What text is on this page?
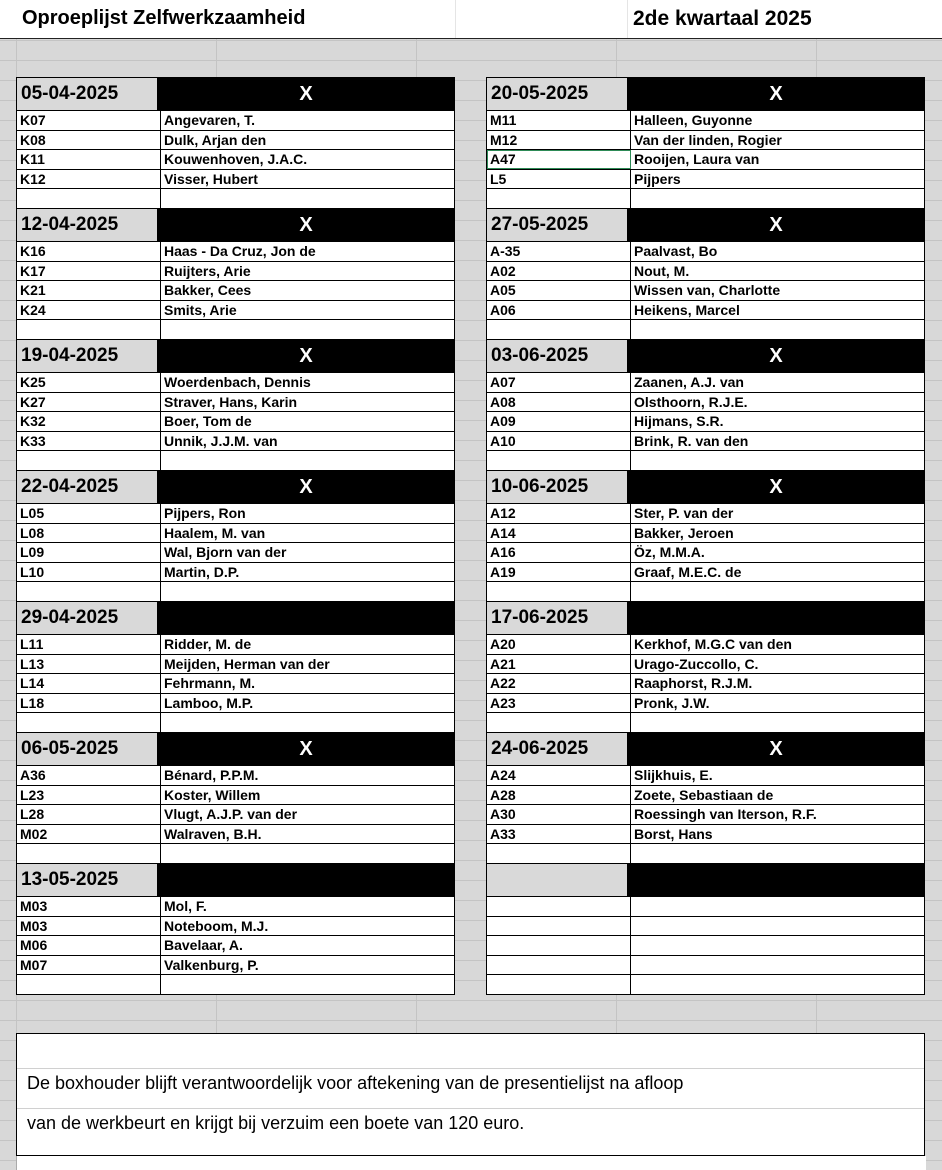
Oproeplijst Zelfwerkzaamheid	2de kwartaal 2025
05-04-2025	X
K07	Angevaren, T.
K08	Dulk, Arjan den
K11	Kouwenhoven, J.A.C.
K12	Visser, Hubert
12-04-2025	X
K16	Haas - Da Cruz, Jon de
K17	Ruijters, Arie
K21	Bakker, Cees
K24	Smits, Arie
19-04-2025	X
K25	Woerdenbach, Dennis
K27	Straver, Hans, Karin
K32	Boer, Tom de
K33	Unnik, J.J.M. van
22-04-2025	X
L05	Pijpers, Ron
L08	Haalem, M. van
L09	Wal, Bjorn van der
L10	Martin, D.P.
29-04-2025
L11	Ridder, M. de
L13	Meijden, Herman van der
L14	Fehrmann, M.
L18	Lamboo, M.P.
06-05-2025	X
A36	Bénard, P.P.M.
L23	Koster, Willem
L28	Vlugt, A.J.P. van der
M02	Walraven, B.H.
13-05-2025
M03	Mol, F.
M03	Noteboom, M.J.
M06	Bavelaar, A.
M07	Valkenburg, P.
20-05-2025	X
M11	Halleen, Guyonne
M12	Van der linden, Rogier
A47	Rooijen, Laura van
L5	Pijpers
27-05-2025	X
A-35	Paalvast, Bo
A02	Nout, M.
A05	Wissen van, Charlotte
A06	Heikens, Marcel
03-06-2025	X
A07	Zaanen, A.J. van
A08	Olsthoorn, R.J.E.
A09	Hijmans, S.R.
A10	Brink, R. van den
10-06-2025	X
A12	Ster, P. van der
A14	Bakker, Jeroen
A16	Öz, M.M.A.
A19	Graaf, M.E.C. de
17-06-2025
A20	Kerkhof, M.G.C van den
A21	Urago-Zuccollo, C.
A22	Raaphorst, R.J.M.
A23	Pronk, J.W.
24-06-2025	X
A24	Slijkhuis, E.
A28	Zoete, Sebastiaan de
A30	Roessingh van Iterson, R.F.
A33	Borst, Hans
De boxhouder blijft verantwoordelijk voor aftekening van de presentielijst na afloop
van de werkbeurt en krijgt bij verzuim een boete van 120 euro.
